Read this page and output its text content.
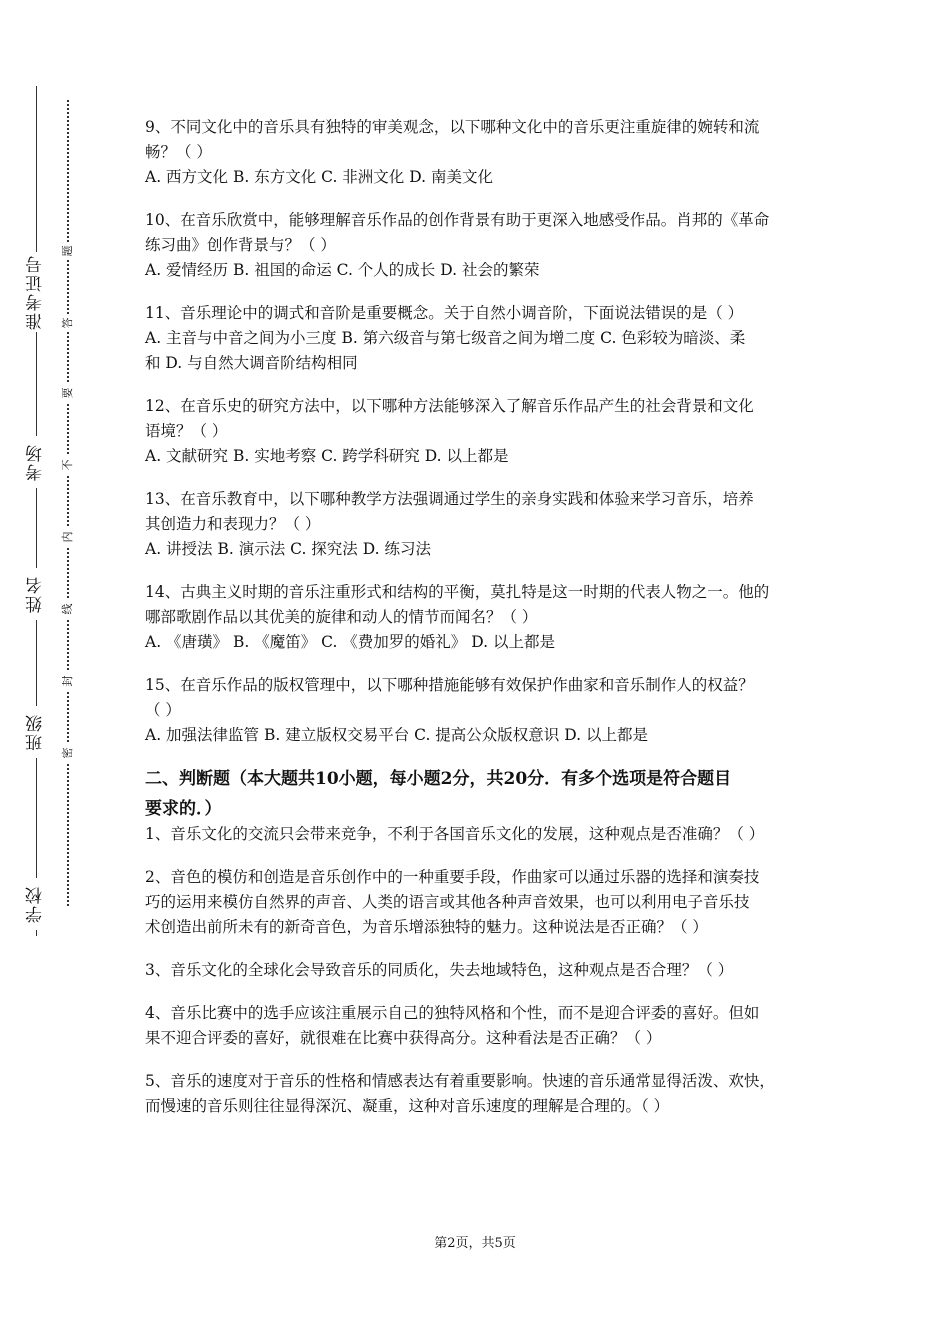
准考证号
考场
姓名
班级
学校
题
答
要
不
内
线
封
密

9、不同文化中的音乐具有独特的审美观念，以下哪种文化中的音乐更注重旋律的婉转和流

畅？（ ）

A. 西方文化 B. 东方文化 C. 非洲文化 D. 南美文化

10、在音乐欣赏中，能够理解音乐作品的创作背景有助于更深入地感受作品。肖邦的《革命

练习曲》创作背景与？（ ）

A. 爱情经历 B. 祖国的命运 C. 个人的成长 D. 社会的繁荣

11、音乐理论中的调式和音阶是重要概念。关于自然小调音阶，下面说法错误的是（ ）

A. 主音与中音之间为小三度 B. 第六级音与第七级音之间为增二度 C. 色彩较为暗淡、柔

和 D. 与自然大调音阶结构相同

12、在音乐史的研究方法中，以下哪种方法能够深入了解音乐作品产生的社会背景和文化

语境？（ ）

A. 文献研究 B. 实地考察 C. 跨学科研究 D. 以上都是

13、在音乐教育中，以下哪种教学方法强调通过学生的亲身实践和体验来学习音乐，培养

其创造力和表现力？（ ）

A. 讲授法 B. 演示法 C. 探究法 D. 练习法

14、古典主义时期的音乐注重形式和结构的平衡，莫扎特是这一时期的代表人物之一。他的

哪部歌剧作品以其优美的旋律和动人的情节而闻名？（ ）

A. 《唐璜》 B. 《魔笛》 C. 《费加罗的婚礼》 D. 以上都是

15、在音乐作品的版权管理中，以下哪种措施能够有效保护作曲家和音乐制作人的权益？

（ ）

A. 加强法律监管 B. 建立版权交易平台 C. 提高公众版权意识 D. 以上都是

二、判断题（本大题共10小题，每小题2分，共20分．有多个选项是符合题目

要求的．）

1、音乐文化的交流只会带来竞争，不利于各国音乐文化的发展，这种观点是否准确？（ ）

2、音色的模仿和创造是音乐创作中的一种重要手段，作曲家可以通过乐器的选择和演奏技

巧的运用来模仿自然界的声音、人类的语言或其他各种声音效果，也可以利用电子音乐技

术创造出前所未有的新奇音色，为音乐增添独特的魅力。这种说法是否正确？（ ）

3、音乐文化的全球化会导致音乐的同质化，失去地域特色，这种观点是否合理？（ ）

4、音乐比赛中的选手应该注重展示自己的独特风格和个性，而不是迎合评委的喜好。但如

果不迎合评委的喜好，就很难在比赛中获得高分。这种看法是否正确？（ ）

5、音乐的速度对于音乐的性格和情感表达有着重要影响。快速的音乐通常显得活泼、欢快，

而慢速的音乐则往往显得深沉、凝重，这种对音乐速度的理解是合理的。（ ）

第2页，共5页
